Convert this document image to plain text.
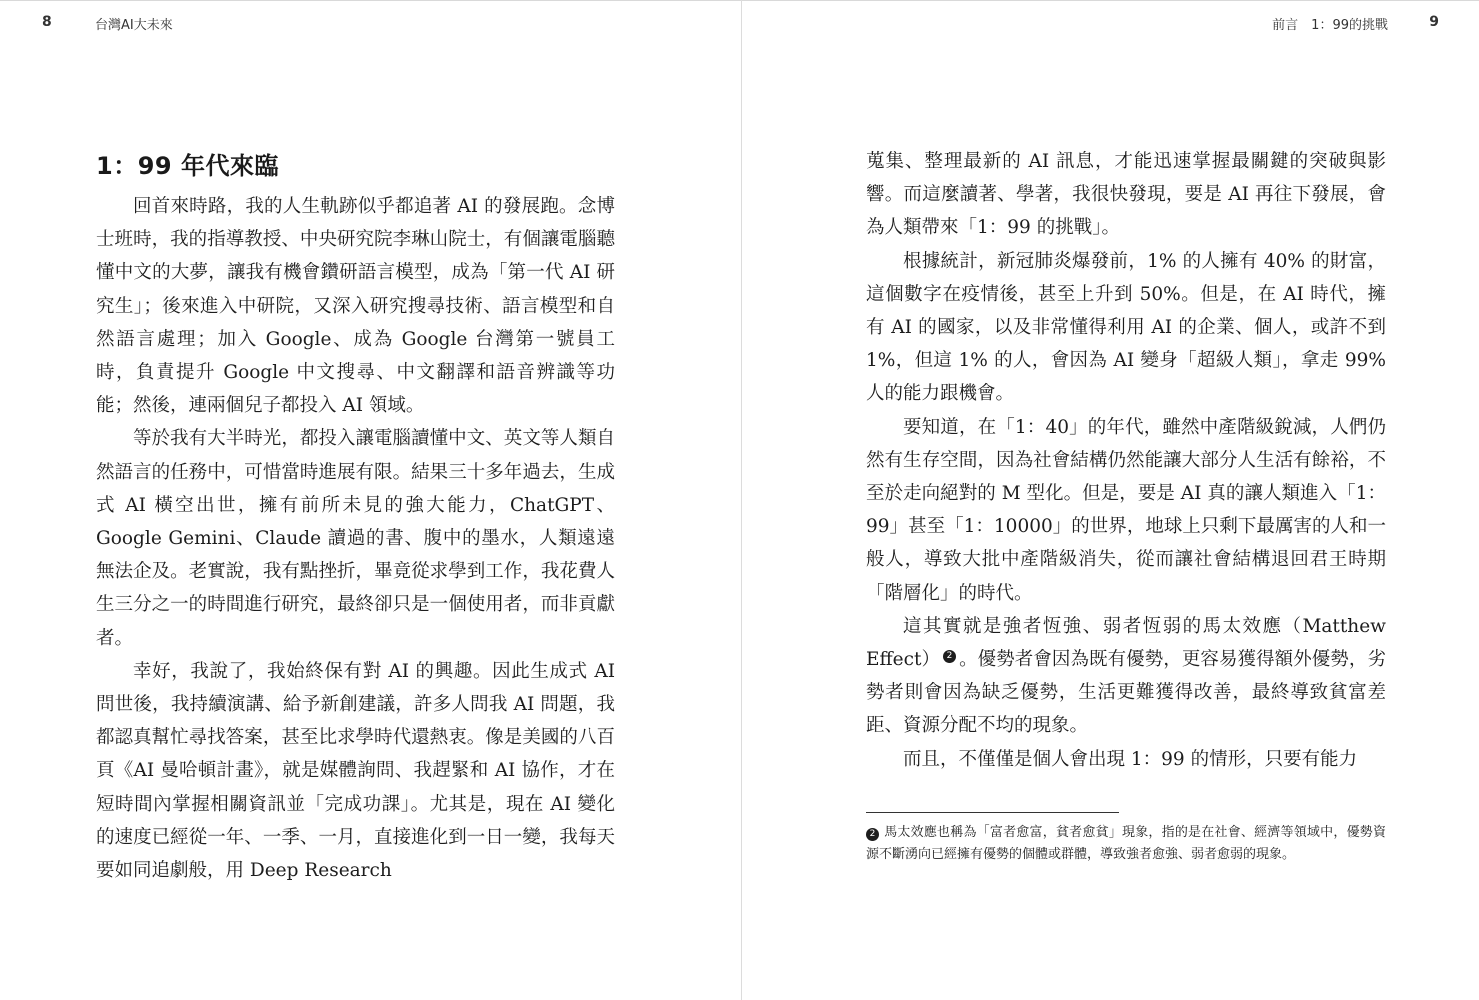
8	台灣AI大未來
1：99 年代來臨

回首來時路，我的人生軌跡似乎都追著 AI 的發展跑。念博士班時，我的指導教授、中央研究院李琳山院士，有個讓電腦聽懂中文的大夢，讓我有機會鑽研語言模型，成為「第一代 AI 研究生」；後來進入中研院，又深入研究搜尋技術、語言模型和自然語言處理；加入 Google、成為 Google 台灣第一號員工時，負責提升 Google 中文搜尋、中文翻譯和語音辨識等功能；然後，連兩個兒子都投入 AI 領域。

等於我有大半時光，都投入讓電腦讀懂中文、英文等人類自然語言的任務中，可惜當時進展有限。結果三十多年過去，生成式 AI 橫空出世，擁有前所未見的強大能力，ChatGPT、Google Gemini、Claude 讀過的書、腹中的墨水，人類遠遠無法企及。老實說，我有點挫折，畢竟從求學到工作，我花費人生三分之一的時間進行研究，最終卻只是一個使用者，而非貢獻者。

幸好，我說了，我始終保有對 AI 的興趣。因此生成式 AI 問世後，我持續演講、給予新創建議，許多人問我 AI 問題，我都認真幫忙尋找答案，甚至比求學時代還熱衷。像是美國的八百頁《AI 曼哈頓計畫》，就是媒體詢問、我趕緊和 AI 協作，才在短時間內掌握相關資訊並「完成功課」。尤其是，現在 AI 變化的速度已經從一年、一季、一月，直接進化到一日一變，我每天要如同追劇般，用 Deep Research

前言　1：99的挑戰	9

蒐集、整理最新的 AI 訊息，才能迅速掌握最關鍵的突破與影響。而這麼讀著、學著，我很快發現，要是 AI 再往下發展，會為人類帶來「1：99 的挑戰」。

根據統計，新冠肺炎爆發前，1% 的人擁有 40% 的財富，這個數字在疫情後，甚至上升到 50%。但是，在 AI 時代，擁有 AI 的國家，以及非常懂得利用 AI 的企業、個人，或許不到 1%，但這 1% 的人，會因為 AI 變身「超級人類」，拿走 99% 人的能力跟機會。

要知道，在「1：40」的年代，雖然中產階級銳減，人們仍然有生存空間，因為社會結構仍然能讓大部分人生活有餘裕，不至於走向絕對的 M 型化。但是，要是 AI 真的讓人類進入「1：99」甚至「1：10000」的世界，地球上只剩下最厲害的人和一般人，導致大批中產階級消失，從而讓社會結構退回君王時期「階層化」的時代。

這其實就是強者恆強、弱者恆弱的馬太效應（Matthew Effect） 2 。優勢者會因為既有優勢，更容易獲得額外優勢，劣勢者則會因為缺乏優勢，生活更難獲得改善，最終導致貧富差距、資源分配不均的現象。

而且，不僅僅是個人會出現 1：99 的情形，只要有能力

2 馬太效應也稱為「富者愈富，貧者愈貧」現象，指的是在社會、經濟等領域中，優勢資源不斷湧向已經擁有優勢的個體或群體，導致強者愈強、弱者愈弱的現象。
